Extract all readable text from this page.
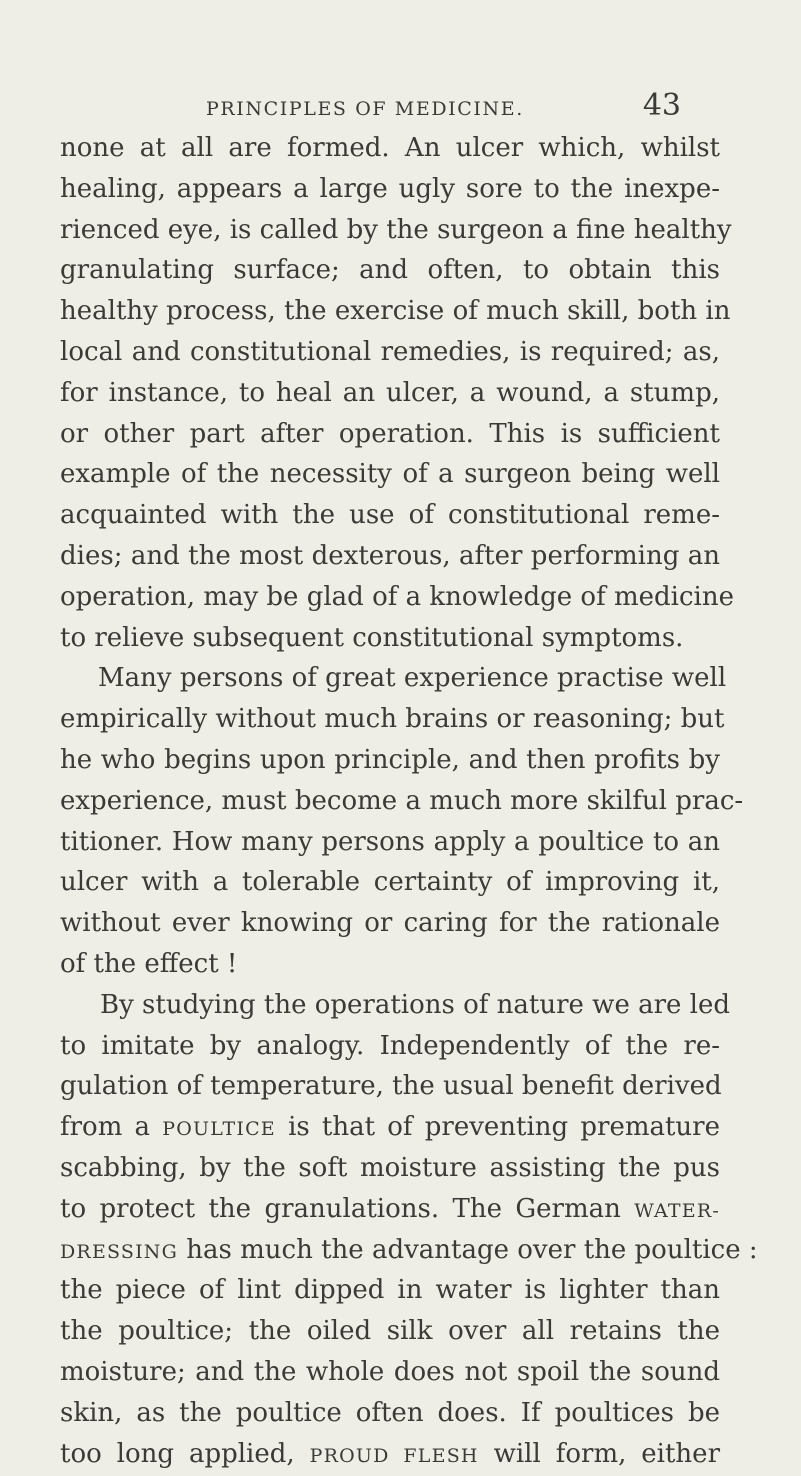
PRINCIPLES OF MEDICINE.	43
none at all are formed. An ulcer which, whilst
healing, appears a large ugly sore to the inexpe-
rienced eye, is called by the surgeon a fine healthy
granulating surface; and often, to obtain this
healthy process, the exercise of much skill, both in
local and constitutional remedies, is required; as,
for instance, to heal an ulcer, a wound, a stump,
or other part after operation. This is sufficient
example of the necessity of a surgeon being well
acquainted with the use of constitutional reme-
dies; and the most dexterous, after performing an
operation, may be glad of a knowledge of medicine
to relieve subsequent constitutional symptoms.
Many persons of great experience practise well
empirically without much brains or reasoning; but
he who begins upon principle, and then profits by
experience, must become a much more skilful prac-
titioner. How many persons apply a poultice to an
ulcer with a tolerable certainty of improving it,
without ever knowing or caring for the rationale
of the effect !
By studying the operations of nature we are led
to imitate by analogy. Independently of the re-
gulation of temperature, the usual benefit derived
from a POULTICE is that of preventing premature
scabbing, by the soft moisture assisting the pus
to protect the granulations. The German WATER-
DRESSING has much the advantage over the poultice :
the piece of lint dipped in water is lighter than
the poultice; the oiled silk over all retains the
moisture; and the whole does not spoil the sound
skin, as the poultice often does. If poultices be
too long applied, PROUD FLESH will form, either
